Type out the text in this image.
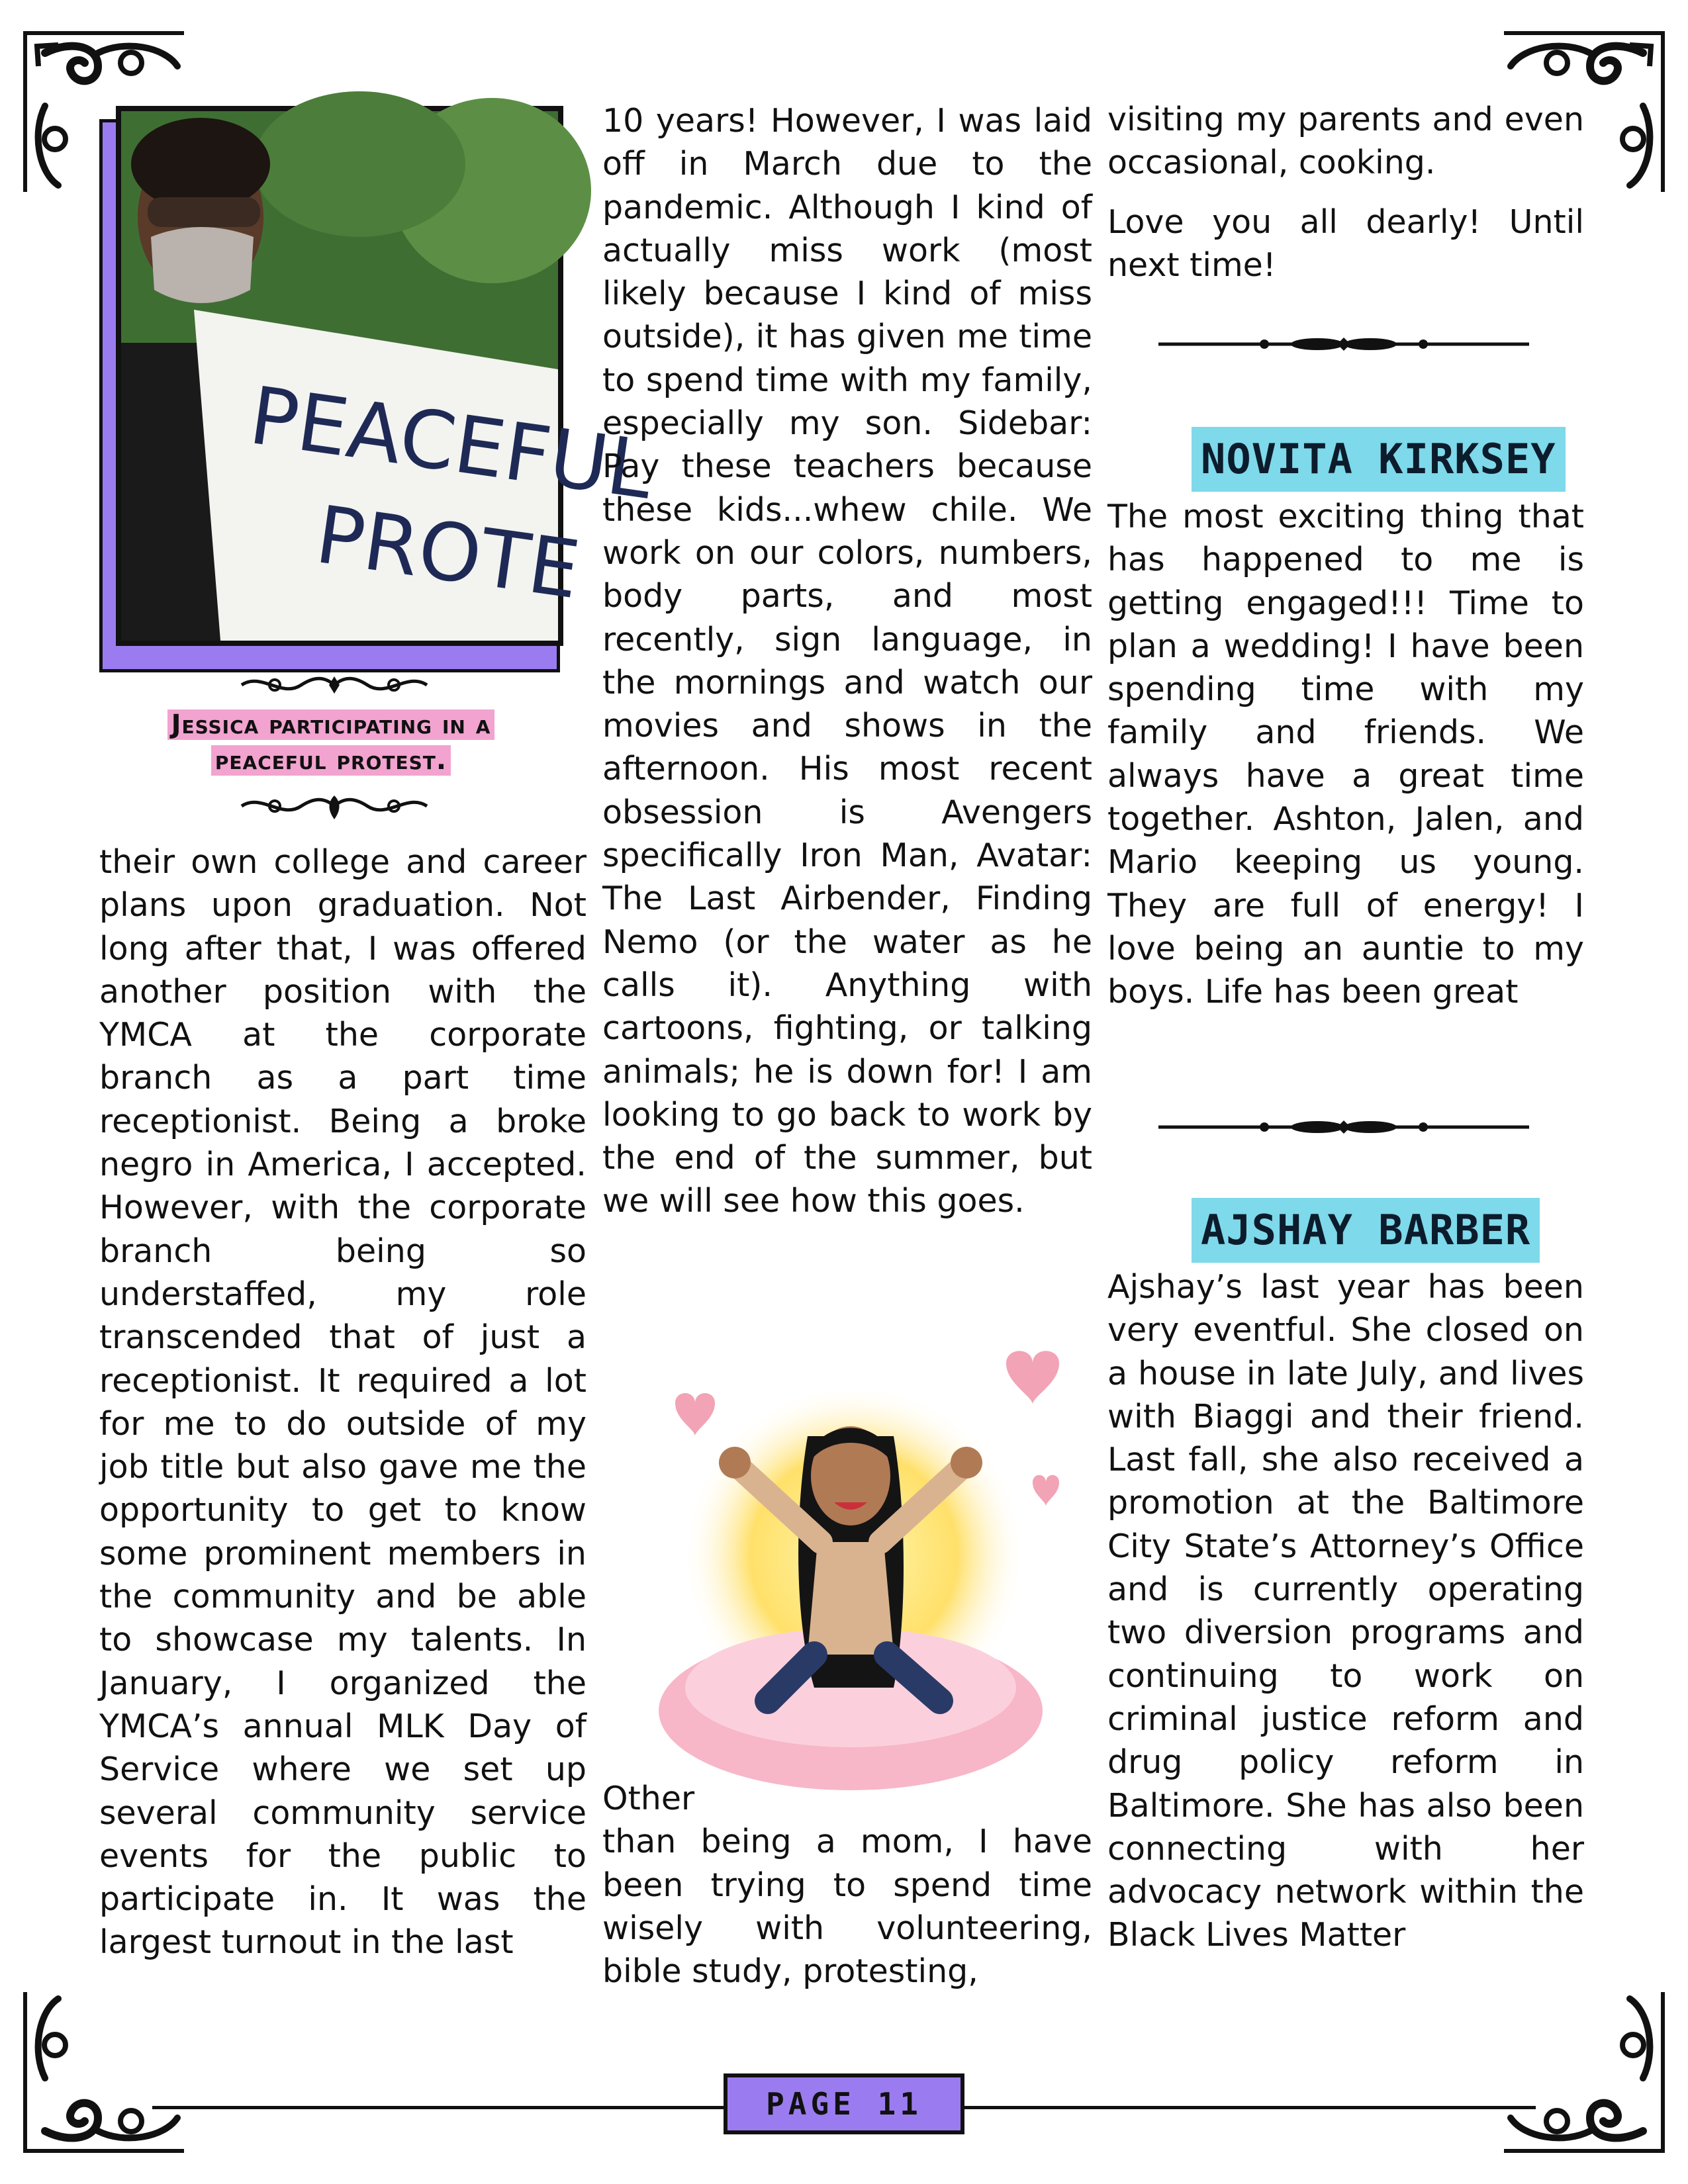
PEACEFUL
PROTE
Jessica participating in a
peaceful protest.

their own college and career plans upon graduation. Not long after that, I was offered another position with the YMCA at the corporate branch as a part time receptionist. Being a broke negro in America, I accepted. However, with the corporate branch being so understaffed, my role transcended that of just a receptionist. It required a lot for me to do outside of my job title but also gave me the opportunity to get to know some prominent members in the community and be able to showcase my talents. In January, I organized the YMCA’s annual MLK Day of Service where we set up several community service events for the public to participate in. It was the largest turnout in the last

10 years! However, I was laid off in March due to the pandemic. Although I kind of actually miss work (most likely because I kind of miss outside), it has given me time to spend time with my family, especially my son. Sidebar: Pay these teachers because these kids...whew chile. We work on our colors, numbers, body parts, and most recently, sign language, in the mornings and watch our movies and shows in the afternoon. His most recent obsession is Avengers specifically Iron Man, Avatar: The Last Airbender, Finding Nemo (or the water as he calls it). Anything with cartoons, fighting, or talking animals; he is down for! I am looking to go back to work by the end of the summer, but we will see how this goes.

Other

than being a mom, I have been trying to spend time wisely with volunteering, bible study, protesting,

visiting my parents and even occasional, cooking.

Love you all dearly! Until next time!

NOVITA KIRKSEY

The most exciting thing that has happened to me is getting engaged!!! Time to plan a wedding! I have been spending time with my family and friends. We always have a great time together. Ashton, Jalen, and Mario keeping us young. They are full of energy! I love being an auntie to my boys. Life has been great

AJSHAY BARBER

Ajshay’s last year has been very eventful. She closed on a house in late July, and lives with Biaggi and their friend. Last fall, she also received a promotion at the Baltimore City State’s Attorney’s Office and is currently operating two diversion programs and continuing to work on criminal justice reform and drug policy reform in Baltimore. She has also been connecting with her advocacy network within the Black Lives Matter

PAGE 11
